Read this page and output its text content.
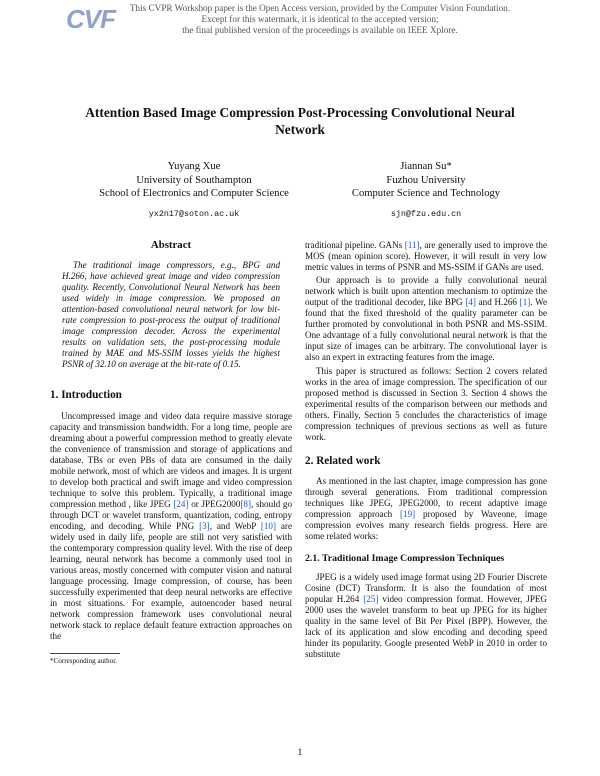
CVF	This CVPR Workshop paper is the Open Access version, provided by the Computer Vision Foundation.
Except for this watermark, it is identical to the accepted version;
the final published version of the proceedings is available on IEEE Xplore.
Attention Based Image Compression Post-Processing Convolutional Neural
Network
Yuyang Xue
University of Southampton
School of Electronics and Computer Science
yx2n17@soton.ac.uk
Jiannan Su*
Fuzhou University
Computer Science and Technology
sjn@fzu.edu.cn
Abstract

The traditional image compressors, e.g., BPG and H.266, have achieved great image and video compression quality. Recently, Convolutional Neural Network has been used widely in image compression. We proposed an attention-based convolutional neural network for low bit-rate compression to post-process the output of traditional image compression decoder. Across the experimental results on validation sets, the post-processing module trained by MAE and MS-SSIM losses yields the highest PSNR of 32.10 on average at the bit-rate of 0.15.

1. Introduction

Uncompressed image and video data require massive storage capacity and transmission bandwidth. For a long time, people are dreaming about a powerful compression method to greatly elevate the convenience of transmission and storage of applications and database. TBs or even PBs of data are consumed in the daily mobile network, most of which are videos and images. It is urgent to develop both practical and swift image and video compression technique to solve this problem. Typically, a traditional image compression method , like JPEG [24] or JPEG2000[8], should go through DCT or wavelet transform, quantization, coding, entropy encoding, and decoding. While PNG [3], and WebP [10] are widely used in daily life, people are still not very satisfied with the contemporary compression quality level. With the rise of deep learning, neural network has become a commonly used tool in various areas, mostly concerned with computer vision and natural language processing. Image compression, of course, has been successfully experimented that deep neural networks are effective in most situations. For example, autoencoder based neural network compression framework uses convolutional neural network stack to replace default feature extraction approaches on the

traditional pipeline. GANs [11], are generally used to improve the MOS (mean opinion score). However, it will result in very low metric values in terms of PSNR and MS-SSIM if GANs are used.

Our approach is to provide a fully convolutional neural network which is built upon attention mechanism to optimize the output of the traditional decoder, like BPG [4] and H.266 [1]. We found that the fixed threshold of the quality parameter can be further promoted by convolutional in both PSNR and MS-SSIM. One advantage of a fully convolutional neural network is that the input size of images can be arbitrary. The convolutional layer is also an expert in extracting features from the image.

This paper is structured as follows: Section 2 covers related works in the area of image compression. The specification of our proposed method is discussed in Section 3. Section 4 shows the experimental results of the comparison between our methods and others. Finally, Section 5 concludes the characteristics of image compression techniques of previous sections as well as future work.

2. Related work

As mentioned in the last chapter, image compression has gone through several generations. From traditional compression techniques like JPEG, JPEG2000, to recent adaptive image compression approach [19] proposed by Waveone, image compression evolves many research fields progress. Here are some related works:

2.1. Traditional Image Compression Techniques

JPEG is a widely used image format using 2D Fourier Discrete Cosine (DCT) Transform. It is also the foundation of most popular H.264 [25] video compression format. However, JPEG 2000 uses the wavelet transform to beat up JPEG for its higher quality in the same level of Bit Per Pixel (BPP). However, the lack of its application and slow encoding and decoding speed hinder its popularity. Google presented WebP in 2010 in order to substitute

*Corresponding author.
1
